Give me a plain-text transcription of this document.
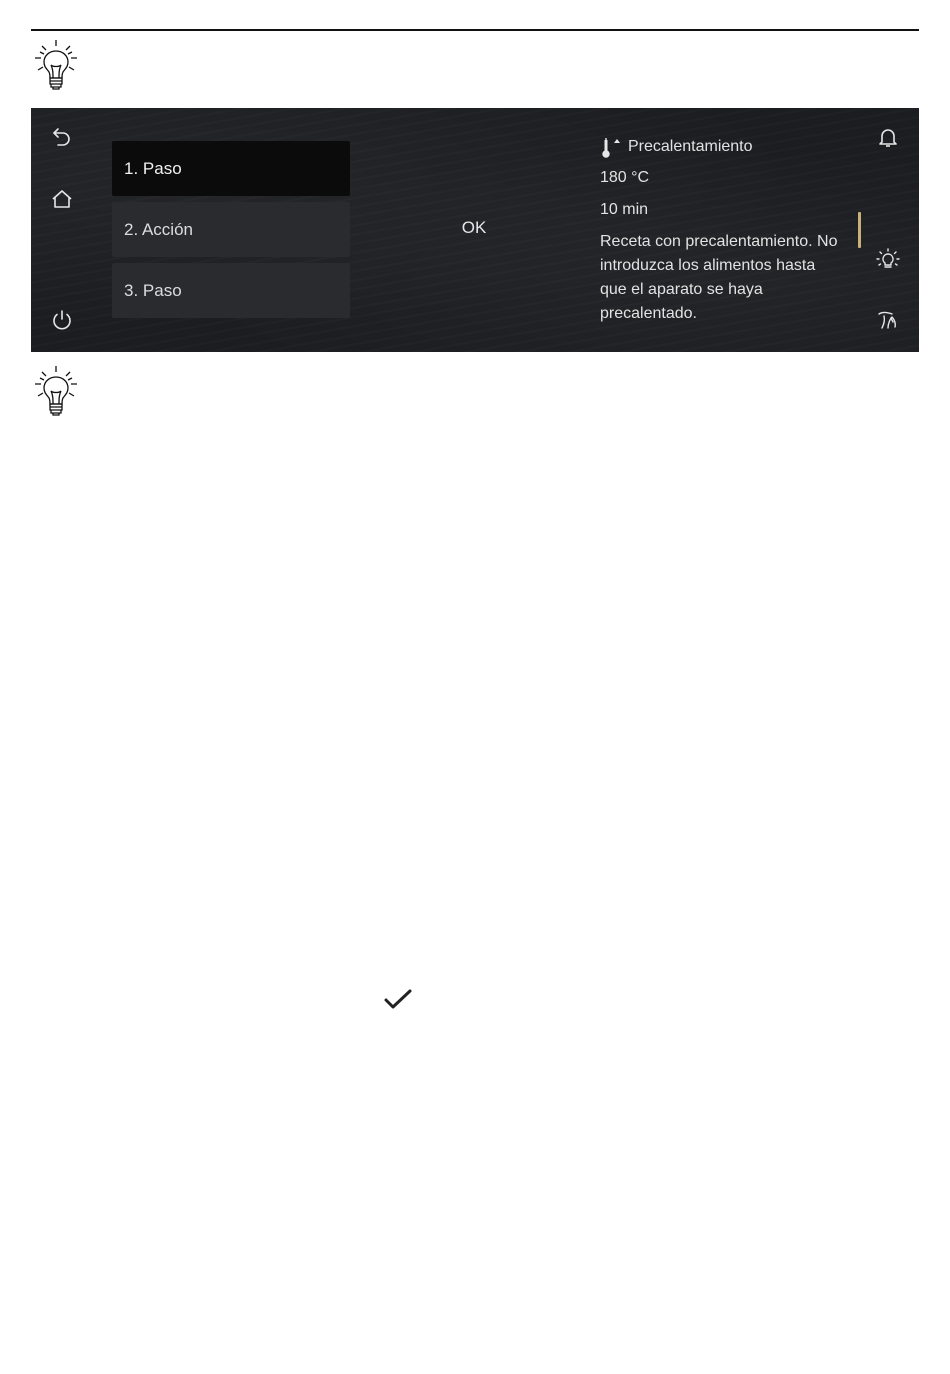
1. Paso
2. Acción
3. Paso
OK
Precalentamiento
180 °C
10 min
Receta con precalentamiento. No introduzca los alimentos hasta que el aparato se haya precalentado.
